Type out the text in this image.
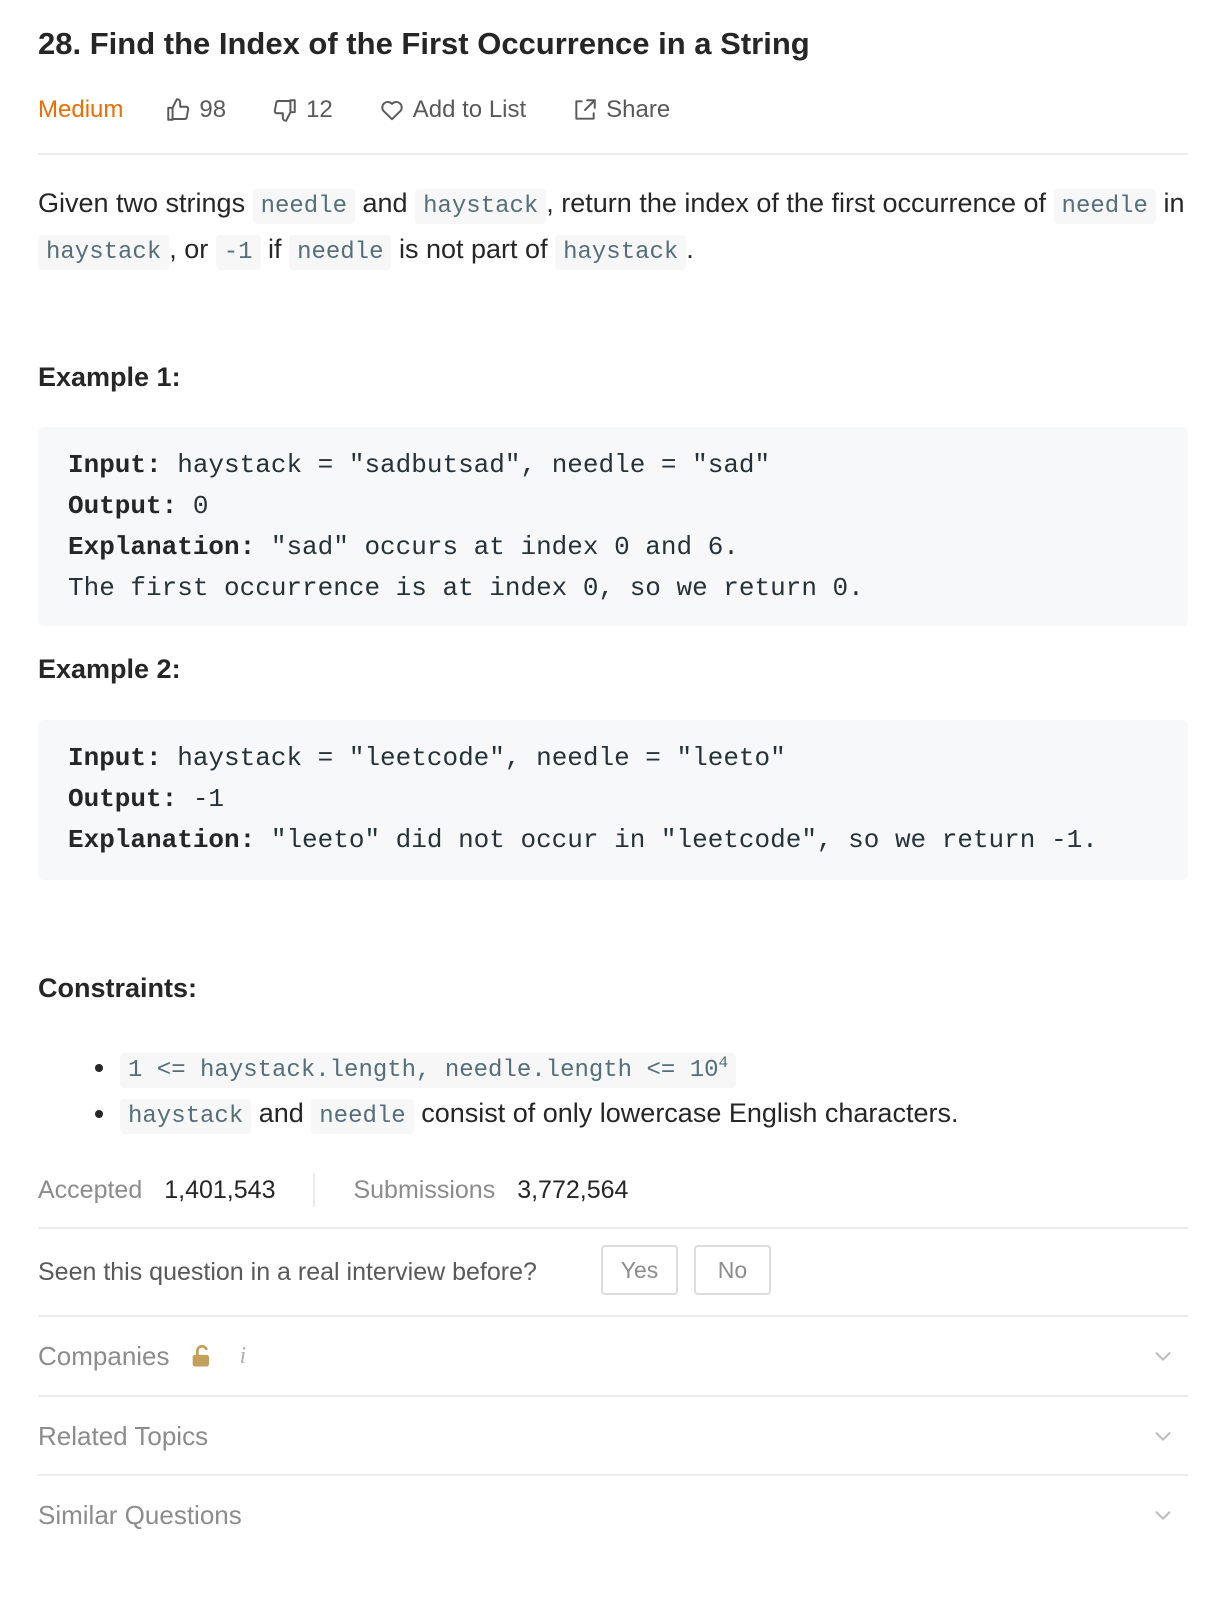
28. Find the Index of the First Occurrence in a String
Medium	98	12	Add to List	Share
Given two strings needle and haystack , return the index of the first occurrence of needle in haystack , or -1 if needle is not part of haystack .
Example 1:
Input: haystack = "sadbutsad", needle = "sad"
Output: 0
Explanation: "sad" occurs at index 0 and 6.
The first occurrence is at index 0, so we return 0.
Example 2:
Input: haystack = "leetcode", needle = "leeto"
Output: -1
Explanation: "leeto" did not occur in "leetcode", so we return -1.
Constraints:
• 1 <= haystack.length, needle.length <= $10^4$
• haystack and needle consist of only lowercase English characters.
Accepted 1,401,543	Submissions 3,772,564
Seen this question in a real interview before?	Yes	No
Companies	i
Related Topics
Similar Questions
